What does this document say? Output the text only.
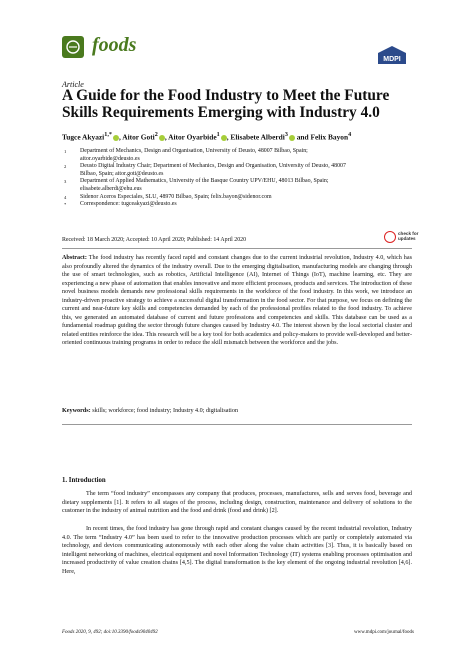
foods
MDPI
Article
A Guide for the Food Industry to Meet the Future Skills Requirements Emerging with Industry 4.0
Tugce Akyazi$^{1,*}$ , Aitor Goti$^2$ , Aitor Oyarbide$^1$ , Elisabete Alberdi$^3$ and Felix Bayon$^4$
1 Department of Mechanics, Design and Organisation, University of Deusto, 48007 Bilbao, Spain; aitor.oyarbide@deusto.es
2 Deusto Digital Industry Chair; Department of Mechanics, Design and Organisation, University of Deusto, 48007 Bilbao, Spain; aitor.goti@deusto.es
3 Department of Applied Mathematics, University of the Basque Country UPV/EHU, 48013 Bilbao, Spain; elisabete.alberdi@ehu.eus
4 Sidenor Aceros Especiales, SLU, 48970 Bilbao, Spain; felix.bayon@sidenor.com
* Correspondence: tugceakyazi@deusto.es
check for
updates
Received: 18 March 2020; Accepted: 10 April 2020; Published: 14 April 2020
Abstract: The food industry has recently faced rapid and constant changes due to the current industrial revolution, Industry 4.0, which has also profoundly altered the dynamics of the industry overall. Due to the emerging digitalisation, manufacturing models are changing through the use of smart technologies, such as robotics, Artificial Intelligence (AI), Internet of Things (IoT), machine learning, etc. They are experiencing a new phase of automation that enables innovative and more efficient processes, products and services. The introduction of these novel business models demands new professional skills requirements in the workforce of the food industry. In this work, we introduce an industry-driven proactive strategy to achieve a successful digital transformation in the food sector. For that purpose, we focus on defining the current and near-future key skills and competencies demanded by each of the professional profiles related to the food industry. To achieve this, we generated an automated database of current and future professions and competencies and skills. This database can be used as a fundamental roadmap guiding the sector through future changes caused by Industry 4.0. The interest shown by the local sectorial cluster and related entities reinforce the idea. This research will be a key tool for both academics and policy-makers to provide well-developed and better-oriented continuous training programs in order to reduce the skill mismatch between the workforce and the jobs.
Keywords: skills; workforce; food industry; Industry 4.0; digitalisation
1. Introduction
The term “food industry” encompasses any company that produces, processes, manufactures, sells and serves food, beverage and dietary supplements [1]. It refers to all stages of the process, including design, construction, maintenance and delivery of solutions to the customer in the industry of animal nutrition and the food and drink (food and drink) [2].
In recent times, the food industry has gone through rapid and constant changes caused by the recent industrial revolution, Industry 4.0. The term “Industry 4.0” has been used to refer to the innovative production processes which are partly or completely automated via technology, and devices communicating autonomously with each other along the value chain activities [3]. Thus, it is basically based on intelligent networking of machines, electrical equipment and novel Information Technology (IT) systems enabling processes optimisation and increased productivity of value creation chains [4,5]. The digital transformation is the key element of the ongoing industrial revolution [4,6]. Here,
Foods 2020, 9, 492; doi:10.3390/foods9040492	www.mdpi.com/journal/foods
